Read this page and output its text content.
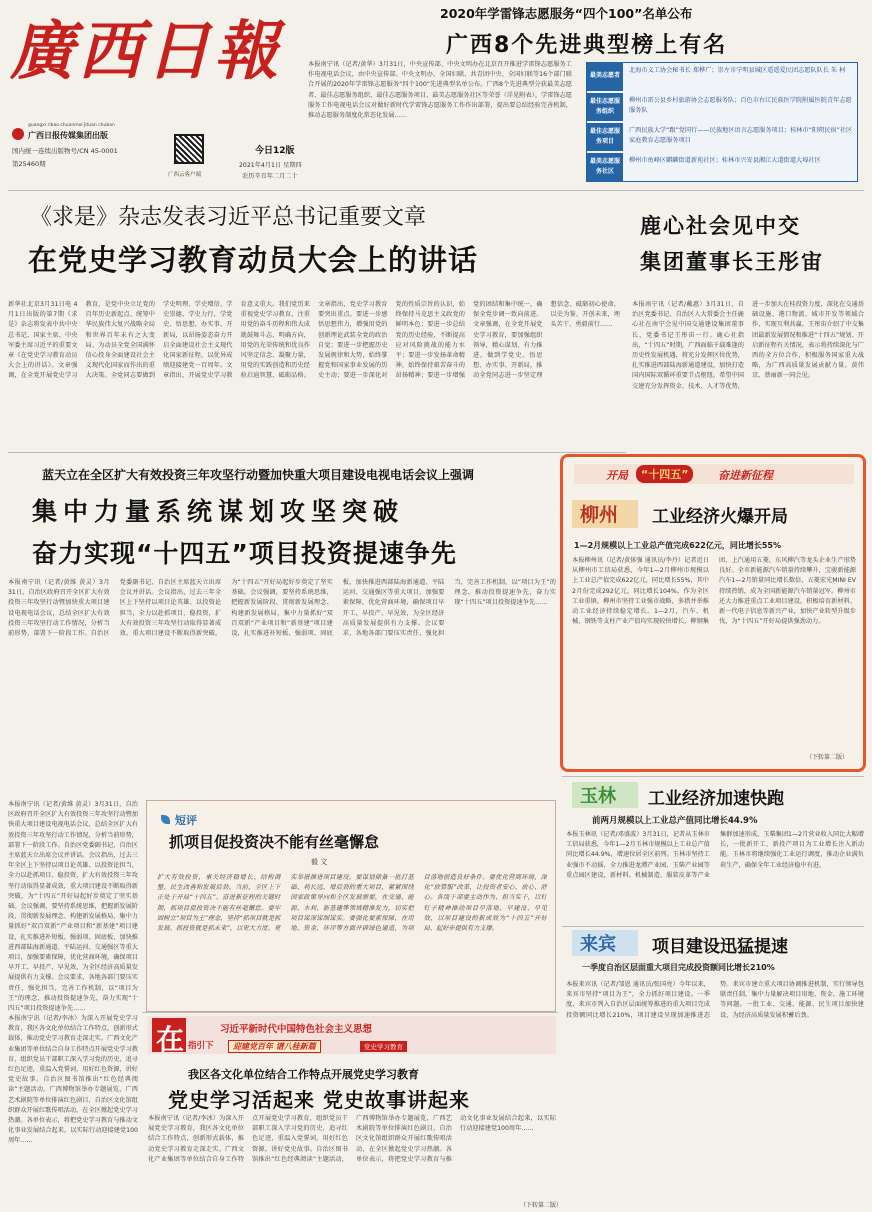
廣西日報
guangxi ribao chuanmei jituan chuban
广西日报传媒集团出版
国内统一连续出版物号/CN 45-0001
第25460期
广西云客户端
今日12版
2021年4月1日 星期四
农历辛丑年二月二十
2020年学雷锋志愿服务“四个100”名单公布
广西8个先进典型榜上有名
本报南宁讯（记者/黄华）3月31日，中央宣传部、中央文明办在北京召开推进学雷锋志愿服务工作电视电话会议，由中央宣传部、中央文明办、全国妇联、共青团中央、全国妇联等16个部门联合开展的2020年学雷锋志愿服务“四个100”先进典型名单公布。广西8个先进典型分获最美志愿者、最佳志愿服务组织、最佳志愿服务项目、最美志愿服务社区等荣誉（详见附表）。学雷锋志愿服务工作电视电话会议对做好新时代学雷锋志愿服务工作作出部署，提出要总结经验完善机制，推动志愿服务制度化常态化发展……
最美志愿者
北海市义工协会秘书长 郑桦广；崇左市宁明县城区遥遥爱民团志愿队队长 朱 柯
最佳志愿服务组织
柳州市雷公县乡村旅游协会志愿服务队；百色市右江民族医学院附属医院青年志愿服务队
最佳志愿服务项目
广西民族大学“跟”党同行——民族地区语言志愿服务项目；桂林市“阳朔民宿”社区家庭教育志愿服务项目
最美志愿服务社区
柳州市鱼峰区麒麟街道新苑社区；桂林市兴安县湘江大道街道大埠社区
《求是》杂志发表习近平总书记重要文章
在党史学习教育动员大会上的讲话
新华社北京3月31日电 4月1日出版的第7期《求是》杂志将发表中共中央总书记、国家主席、中央军委主席习近平的重要文章《在党史学习教育动员大会上的讲话》。文章强调，在全党开展党史学习教育，是党中央立足党的百年历史新起点、统筹中华民族伟大复兴战略全局和世界百年未有之大变局、为动员全党全国满怀信心投身全面建设社会主义现代化国家而作出的重大决策。全党同志要做到学史明理、学史增信、学史崇德、学史力行，学党史、悟思想、办实事、开新局，以昂扬姿态奋力开启全面建设社会主义现代化国家新征程，以优异成绩迎接建党一百周年。文章指出，开展党史学习教育意义重大。我们党历来重视党史学习教育，注重用党的奋斗历程和伟大成就鼓舞斗志、明确方向，用党的光荣传统和优良作风坚定信念、凝聚力量，用党的实践创造和历史经验启迪智慧、砥砺品格。文章指出，党史学习教育要突出重点。要进一步感悟思想伟力，增强用党的创新理论武装全党的政治自觉；要进一步把握历史发展规律和大势，始终掌握党和国家事业发展的历史主动；要进一步深化对党的性质宗旨的认识，始终保持马克思主义政党的鲜明本色；要进一步总结党的历史经验，不断提高应对风险挑战的能力水平；要进一步发扬革命精神，始终保持艰苦奋斗的昂扬精神；要进一步增强党的团结和集中统一，确保全党步调一致向前进。文章强调，在全党开展党史学习教育，要加强组织领导，精心谋划、有力推进，做到学党史、悟思想、办实事、开新局，推动全党同志进一步坚定理想信念、砥砺初心使命，以史为鉴、开创未来，埋头苦干、勇毅前行……
鹿心社会见中交
集团董事长王彤宙
本报南宁讯（记者/戴惠）3月31日，自治区党委书记、自治区人大常委会主任鹿心社在南宁会见中国交通建设集团董事长、党委书记王彤宙一行。鹿心社指出，“十四五”时期，广西面临千载难逢的历史性发展机遇，将充分发挥区位优势，扎实推进西部陆海新通道建设，加快打造国内国际双循环重要节点枢纽。希望中国交建充分发挥资金、技术、人才等优势，进一步加大在桂投资力度，深化在交通基础设施、港口物流、城市开发等领域合作，实现互利共赢。王彤宙介绍了中交集团最新发展情况和推进“十四五”规划、开启新征程有关情况，表示将持续深化与广西的全方位合作，积极服务国家重大战略，为广西高质量发展贡献力量。黄伟京、蔡丽新一同会见。
蓝天立在全区扩大有效投资三年攻坚行动暨加快重大项目建设电视电话会议上强调
集中力量系统谋划攻坚突破
奋力实现“十四五”项目投资提速争先
本报南宁讯（记者/黄维 黄灵）3月31日，自治区政府召开全区扩大有效投资三年攻坚行动暨加快重大项目建设电视电话会议，总结全区扩大有效投资三年攻坚行动工作情况，分析当前形势，部署下一阶段工作。自治区党委副书记、自治区主席蓝天立出席会议并讲话。会议指出，过去三年全区上下坚持以项目论英雄、以投资论担当，全力以赴抓项目、稳投资，扩大有效投资三年攻坚行动取得显著成效，重大项目建设不断取得新突破，为“十四五”开好局起好步奠定了坚实基础。会议强调，要坚持系统思维，把握新发展阶段、贯彻新发展理念、构建新发展格局，集中力量抓好“双百双新”产业项目和“新基建”项目建设，扎实推进补短板、强弱项、固底板，加快推进西部陆海新通道、平陆运河、交通强区等重大项目，加强要素保障，优化营商环境，确保项目早开工、早投产、早见效，为全区经济高质量发展提供有力支撑。会议要求，各地各部门要压实责任、强化担当，完善工作机制，以“项目为王”的理念，推动投资提速争先，奋力实现“十四五”项目投资提速争先……
本报南宁讯（记者/黄维 黄灵）3月31日，自治区政府召开全区扩大有效投资三年攻坚行动暨加快重大项目建设电视电话会议，总结全区扩大有效投资三年攻坚行动工作情况，分析当前形势，部署下一阶段工作。自治区党委副书记、自治区主席蓝天立出席会议并讲话。会议指出，过去三年全区上下坚持以项目论英雄、以投资论担当，全力以赴抓项目、稳投资，扩大有效投资三年攻坚行动取得显著成效，重大项目建设不断取得新突破，为“十四五”开好局起好步奠定了坚实基础。会议强调，要坚持系统思维，把握新发展阶段、贯彻新发展理念、构建新发展格局，集中力量抓好“双百双新”产业项目和“新基建”项目建设，扎实推进补短板、强弱项、固底板，加快推进西部陆海新通道、平陆运河、交通强区等重大项目，加强要素保障，优化营商环境，确保项目早开工、早投产、早见效，为全区经济高质量发展提供有力支撑。会议要求，各地各部门要压实责任、强化担当，完善工作机制，以“项目为王”的理念，推动投资提速争先，奋力实现“十四五”项目投资提速争先……
短评
抓项目促投资决不能有丝毫懈怠
毅 文
扩大有效投资，事关经济稳增长、结构调整、民生改善和发展后劲。当前，全区上下正处于开局“十四五”、奋进新征程的关键时期，抓项目促投资决不能有丝毫懈怠。要牢固树立“项目为王”理念，坚持“抓项目就是抓发展、抓投资就是抓未来”，以更大力度、更实举措推进项目建设。要谋划储备一批打基础、利长远、增后劲的重大项目，紧紧围绕国家政策导向和全区发展需要，在交通、能源、水利、新基建等领域精准发力，切实把项目谋深谋细谋实。要强化要素保障，在用地、资金、环评等方面开辟绿色通道，为项目落地创造良好条件。要优化营商环境，深化“放管服”改革，让投资者安心、放心、舒心。各级干部要主动作为、担当实干，以钉钉子精神推动项目早落地、早建设、早见效，以项目建设的新成效为“十四五”开好局、起好步提供有力支撑。
在 指引下
习近平新时代中国特色社会主义思想
迎建党百年 谱八桂新篇	党史学习教育
我区各文化单位结合工作特点开展党史学习教育
党史学习活起来 党史故事讲起来
本报南宁讯（记者/李冰）为深入开展党史学习教育，我区各文化单位结合工作特点，创新形式载体，推动党史学习教育走深走实。广西文化产业集团等单位结合自身工作特点开展党史学习教育，组织党员干部职工深入学习党的历史，追寻红色足迹，重温入党誓词，用好红色资源，讲好党史故事。自治区图书馆推出“红色经典阅读”主题活动，广西博物馆举办专题展览，广西艺术剧院等单位排演红色剧目，自治区文化馆组织群众开展红歌传唱活动，在全区掀起党史学习热潮。各单位表示，将把党史学习教育与推动文化事业发展结合起来，以实际行动迎接建党100周年……
本报南宁讯（记者/李冰）为深入开展党史学习教育，我区各文化单位结合工作特点，创新形式载体，推动党史学习教育走深走实。广西文化产业集团等单位结合自身工作特点开展党史学习教育，组织党员干部职工深入学习党的历史，追寻红色足迹，重温入党誓词，用好红色资源，讲好党史故事。自治区图书馆推出“红色经典阅读”主题活动，广西博物馆举办专题展览，广西艺术剧院等单位排演红色剧目，自治区文化馆组织群众开展红歌传唱活动，在全区掀起党史学习热潮。各单位表示，将把党史学习教育与推动文化事业发展结合起来，以实际行动迎接建党100周年……
开局	“十四五”	奋进新征程
柳州 工业经济火爆开局
1—2月规模以上工业总产值完成622亿元，同比增长55%
本报柳州讯（记者/黄体强 通讯员/李丹）记者近日从柳州市工信局获悉，今年1—2月柳州市规模以上工业总产值完成622亿元，同比增长55%，其中2月份完成292亿元，同比增长104%。作为全区工业重镇，柳州市坚持工业强市战略，多措并举推动工业经济持续稳定增长。1—2月，汽车、机械、钢铁等支柱产业产值均实现较快增长，柳钢集团、上汽通用五菱、东风柳汽等龙头企业生产形势良好。全市新能源汽车销量持续攀升，宝骏新能源汽车1—2月销量同比增长数倍，五菱宏光MINI EV持续热销，成为全国新能源汽车销量冠军。柳州市还大力推进重点工业项目建设，积极培育新材料、新一代电子信息等新兴产业，加快产业转型升级步伐，为“十四五”开好局提供强劲动力。
（下转第二版）
玉林 工业经济加速快跑
前两月规模以上工业总产值同比增长44.9%
本报玉林讯（记者/邓盛波）3月31日，记者从玉林市工信局获悉，今年1—2月玉林市规模以上工业总产值同比增长44.9%，增速位居全区前列。玉林市坚持工业强市不动摇，全力推进龙潭产业园、玉柴产业园等重点园区建设，新材料、机械制造、服装皮革等产业集群加速形成。玉柴集团1—2月营业收入同比大幅增长，一批新开工、新投产项目为工业增长注入新动能。玉林市将继续强化工业运行调度，推动企业满负荷生产，确保全年工业经济稳中有进。
来宾 项目建设迅猛提速
一季度自治区层面重大项目完成投资额同比增长210%
本报来宾讯（记者/邹恩 通讯员/张国亮）今年以来，来宾市坚持“项目为王”，全力抓好项目建设。一季度，来宾市列入自治区层面统筹推进的重大项目完成投资额同比增长210%，项目建设呈现加速推进态势。来宾市建立重大项目协调推进机制，实行领导包联责任制，集中力量解决项目用地、资金、施工环境等问题。一批工业、交通、能源、民生项目加快建设，为经济高质量发展积蓄后劲。
（下转第二版）
